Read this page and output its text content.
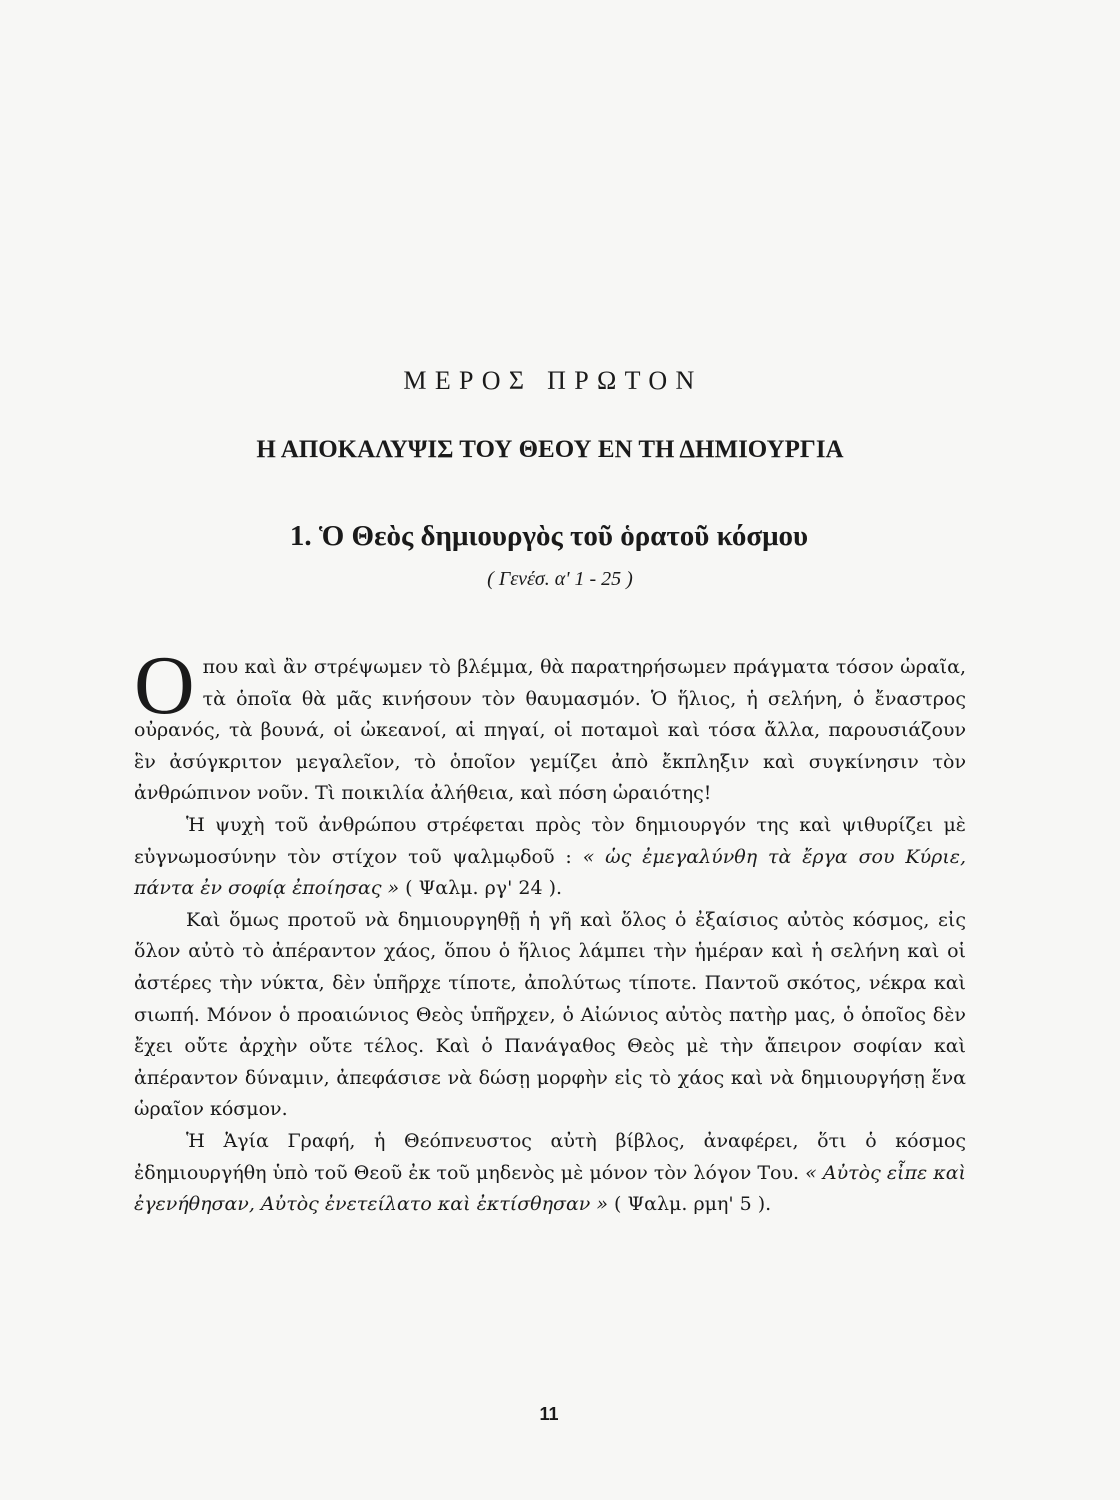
ΜΕΡΟΣ ΠΡΩΤΟΝ
Η ΑΠΟΚΑΛΥΨΙΣ ΤΟΥ ΘΕΟΥ ΕΝ ΤΗ ΔΗΜΙΟΥΡΓΙΑ
1. Ὁ Θεὸς δημιουργὸς τοῦ ὁρατοῦ κόσμου
( Γενέσ. α' 1 - 25 )

Οπου καὶ ἂν στρέψωμεν τὸ βλέμμα, θὰ παρατηρήσωμεν πράγματα τόσον ὡραῖα, τὰ ὁποῖα θὰ μᾶς κινήσουν τὸν θαυμασμόν. Ὁ ἥλιος, ἡ σελήνη, ὁ ἔναστρος οὐρανός, τὰ βουνά, οἱ ὠκεανοί, αἱ πηγαί, οἱ ποταμοὶ καὶ τόσα ἄλλα, παρουσιάζουν ἓν ἀσύγκριτον μεγαλεῖον, τὸ ὁποῖον γεμίζει ἀπὸ ἔκπληξιν καὶ συγκίνησιν τὸν ἀνθρώπινον νοῦν. Τὶ ποικιλία ἀλήθεια, καὶ πόση ὡραιότης!

Ἡ ψυχὴ τοῦ ἀνθρώπου στρέφεται πρὸς τὸν δημιουργόν της καὶ ψιθυρίζει μὲ εὐγνωμοσύνην τὸν στίχον τοῦ ψαλμῳδοῦ : « ὡς ἐμεγαλύνθη τὰ ἔργα σου Κύριε, πάντα ἐν σοφίᾳ ἐποίησας » ( Ψαλμ. ργ' 24 ).

Καὶ ὅμως προτοῦ νὰ δημιουργηθῇ ἡ γῆ καὶ ὅλος ὁ ἐξαίσιος αὐτὸς κόσμος, εἰς ὅλον αὐτὸ τὸ ἀπέραντον χάος, ὅπου ὁ ἥλιος λάμπει τὴν ἡμέραν καὶ ἡ σελήνη καὶ οἱ ἀστέρες τὴν νύκτα, δὲν ὑπῆρχε τίποτε, ἀπολύτως τίποτε. Παντοῦ σκότος, νέκρα καὶ σιωπή. Μόνον ὁ προαιώνιος Θεὸς ὑπῆρχεν, ὁ Αἰώνιος αὐτὸς πατὴρ μας, ὁ ὁποῖος δὲν ἔχει οὔτε ἀρχὴν οὔτε τέλος. Καὶ ὁ Πανάγαθος Θεὸς μὲ τὴν ἄπειρον σοφίαν καὶ ἀπέραντον δύναμιν, ἀπεφάσισε νὰ δώσῃ μορφὴν εἰς τὸ χάος καὶ νὰ δημιουργήσῃ ἕνα ὡραῖον κόσμον.

Ἡ Ἁγία Γραφή, ἡ Θεόπνευστος αὐτὴ βίβλος, ἀναφέρει, ὅτι ὁ κόσμος ἐδημιουργήθη ὑπὸ τοῦ Θεοῦ ἐκ τοῦ μηδενὸς μὲ μόνον τὸν λόγον Του. « Αὐτὸς εἶπε καὶ ἐγενήθησαν, Αὐτὸς ἐνετείλατο καὶ ἐκτίσθησαν » ( Ψαλμ. ρμη' 5 ).

11
